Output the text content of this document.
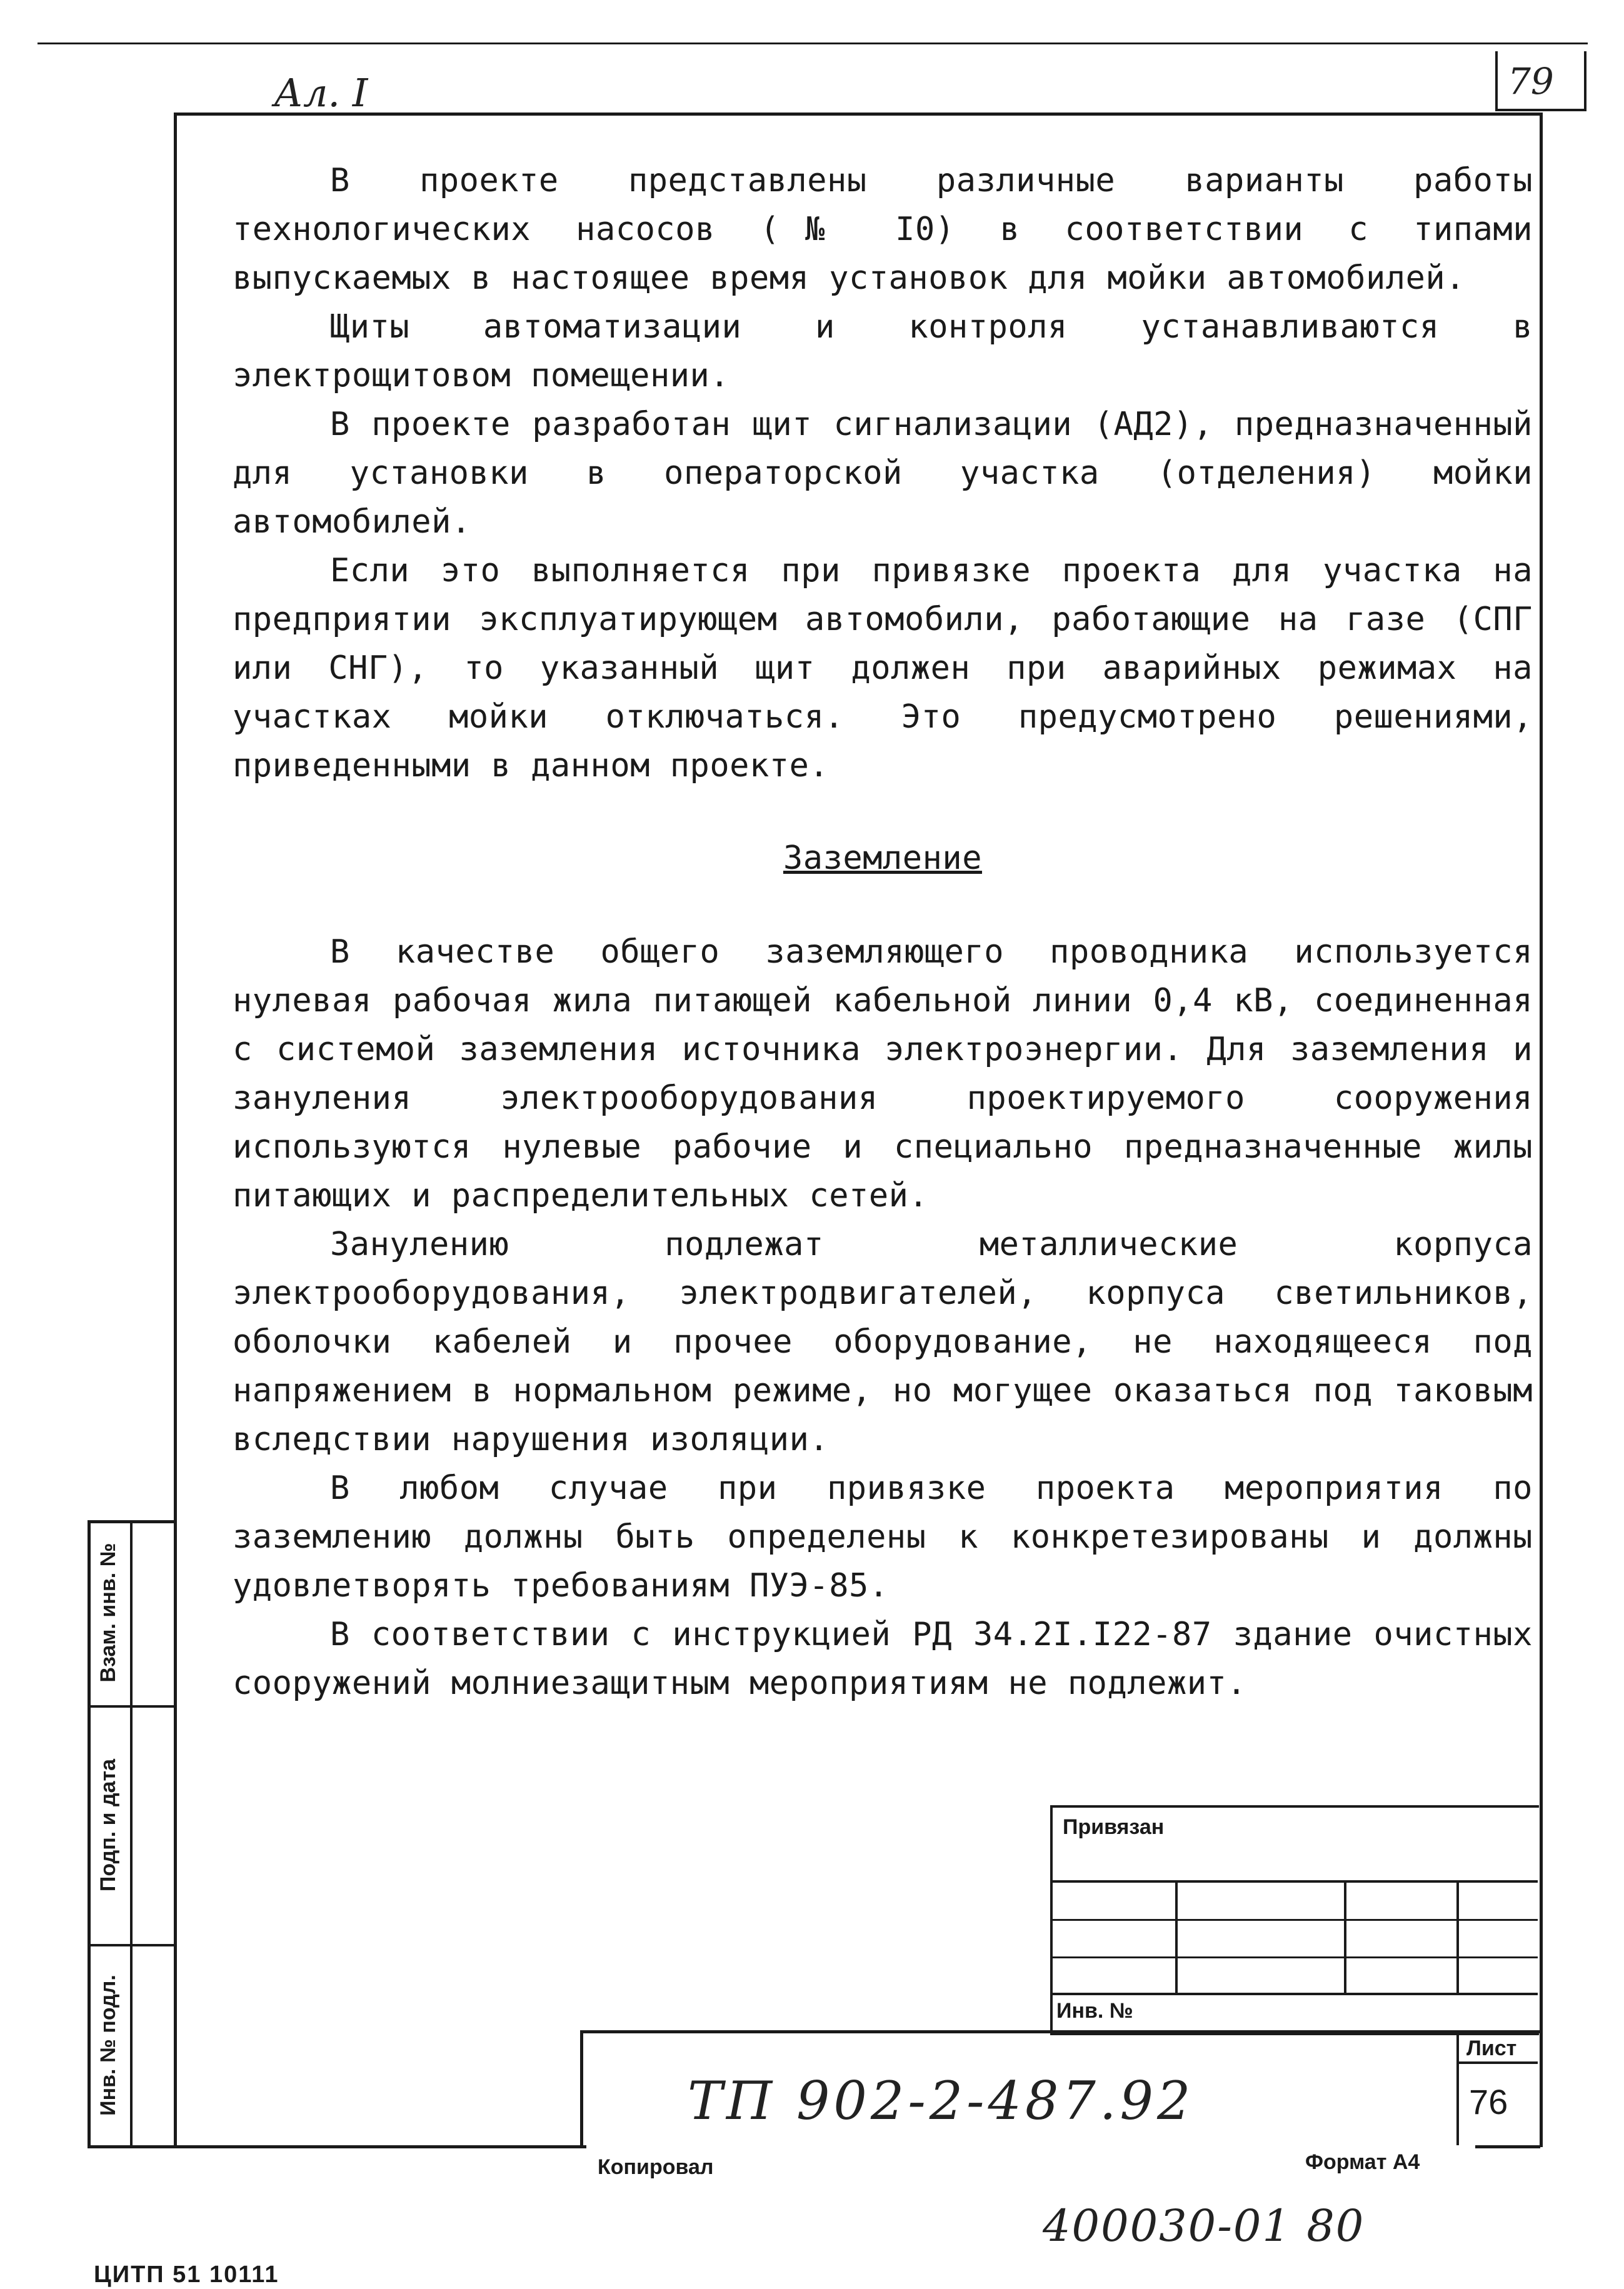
Ал. I	79

В проекте представлены различные варианты работы технологических насосов (№ I0) в соответствии с типами выпускаемых в настоящее время установок для мойки автомобилей.

Щиты автоматизации и контроля устанавливаются в электрощитовом помещении.

В проекте разработан щит сигнализации (АД2), предназначенный для установки в операторской участка (отделения) мойки автомобилей.

Если это выполняется при привязке проекта для участка на предприятии эксплуатирующем автомобили, работающие на газе (СПГ или СНГ), то указанный щит должен при аварийных режимах на участках мойки отключаться. Это предусмотрено решениями, приведенными в данном проекте.

Заземление

В качестве общего заземляющего проводника используется нулевая рабочая жила питающей кабельной линии 0,4 кВ, соединенная с системой заземления источника электроэнергии. Для заземления и зануления электрооборудования проектируемого сооружения используются нулевые рабочие и специально предназначенные жилы питающих и распределительных сетей.

Занулению подлежат металлические корпуса электрооборудования, электродвигателей, корпуса светильников, оболочки кабелей и прочее оборудование, не находящееся под напряжением в нормальном режиме, но могущее оказаться под таковым вследствии нарушения изоляции.

В любом случае при привязке проекта мероприятия по заземлению должны быть определены к конкретезированы и должны удовлетворять требованиям ПУЭ-85.

В соответствии с инструкцией РД 34.2I.I22-87 здание очистных сооружений молниезащитным мероприятиям не подлежит.

Взам. инв. №
Подп. и дата
Инв. № подл.
Привязан
Инв. №
Лист
76
ТП 902-2-487.92
Копировал	Формат А4
400030-01 80
ЦИТП 51 10111
